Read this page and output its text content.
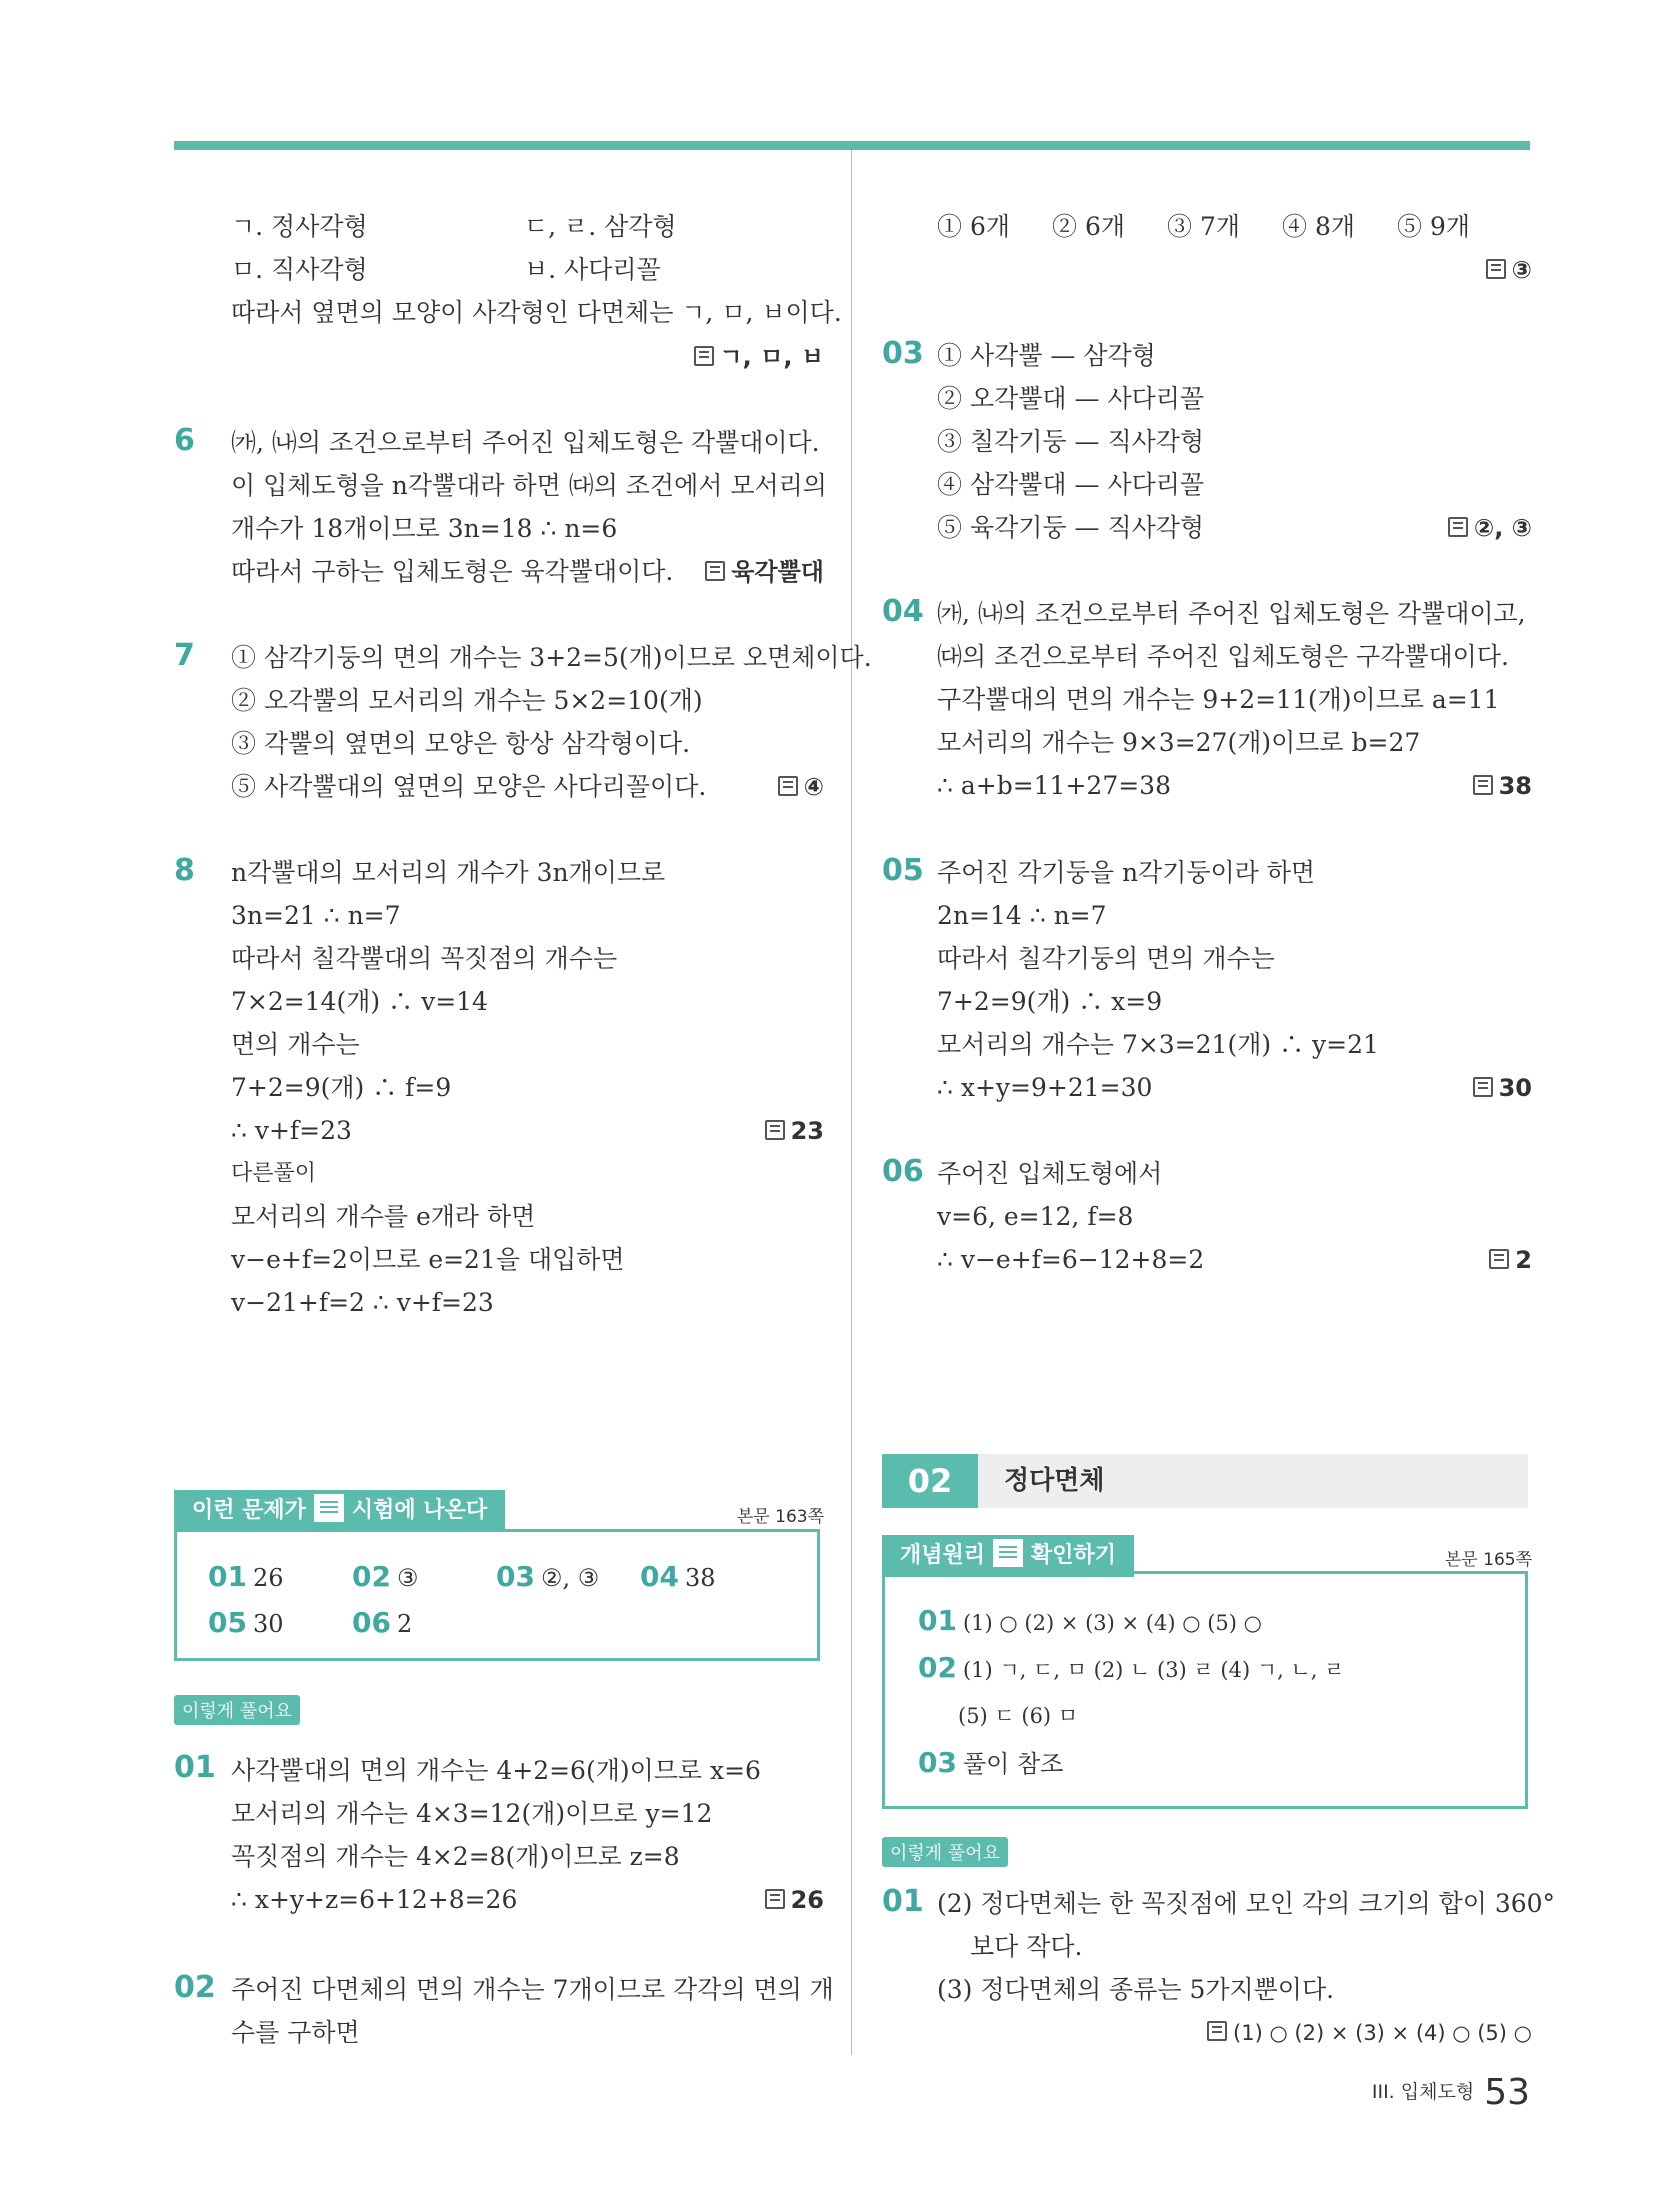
ㄱ. 정사각형	ㄷ, ㄹ. 삼각형
ㅁ. 직사각형	ㅂ. 사다리꼴
따라서 옆면의 모양이 사각형인 다면체는 ㄱ, ㅁ, ㅂ이다.
ㄱ, ㅁ, ㅂ
6 ㈎, ㈏의 조건으로부터 주어진 입체도형은 각뿔대이다.
이 입체도형을 n각뿔대라 하면 ㈐의 조건에서 모서리의
개수가 18개이므로 3n=18 ∴ n=6
따라서 구하는 입체도형은 육각뿔대이다.	육각뿔대
7 ① 삼각기둥의 면의 개수는 3+2=5(개)이므로 오면체이다.
② 오각뿔의 모서리의 개수는 5×2=10(개)
③ 각뿔의 옆면의 모양은 항상 삼각형이다.
⑤ 사각뿔대의 옆면의 모양은 사다리꼴이다.	④
8 n각뿔대의 모서리의 개수가 3n개이므로
3n=21 ∴ n=7
따라서 칠각뿔대의 꼭짓점의 개수는
7×2=14(개) ∴ v=14
면의 개수는
7+2=9(개) ∴ f=9
∴ v+f=23	23
다른풀이
모서리의 개수를 e개라 하면
v−e+f=2이므로 e=21을 대입하면
v−21+f=2 ∴ v+f=23
이런 문제가 시험에 나온다	본문 163쪽
01 26 02 ③	03 ②, ③ 04 38
05 30 06 2
이렇게 풀어요
01 사각뿔대의 면의 개수는 4+2=6(개)이므로 x=6
모서리의 개수는 4×3=12(개)이므로 y=12
꼭짓점의 개수는 4×2=8(개)이므로 z=8
∴ x+y+z=6+12+8=26	26
02 주어진 다면체의 면의 개수는 7개이므로 각각의 면의 개
수를 구하면
① 6개 ② 6개 ③ 7개 ④ 8개 ⑤ 9개
③
03 ① 사각뿔 — 삼각형
② 오각뿔대 — 사다리꼴
③ 칠각기둥 — 직사각형
④ 삼각뿔대 — 사다리꼴
⑤ 육각기둥 — 직사각형	②, ③
04 ㈎, ㈏의 조건으로부터 주어진 입체도형은 각뿔대이고,
㈐의 조건으로부터 주어진 입체도형은 구각뿔대이다.
구각뿔대의 면의 개수는 9+2=11(개)이므로 a=11
모서리의 개수는 9×3=27(개)이므로 b=27
∴ a+b=11+27=38	38
05 주어진 각기둥을 n각기둥이라 하면
2n=14 ∴ n=7
따라서 칠각기둥의 면의 개수는
7+2=9(개) ∴ x=9
모서리의 개수는 7×3=21(개) ∴ y=21
∴ x+y=9+21=30	30
06 주어진 입체도형에서
v=6, e=12, f=8
∴ v−e+f=6−12+8=2	2
02	정다면체
개념원리 확인하기	본문 165쪽
01 (1) ○ (2) × (3) × (4) ○ (5) ○
02 (1) ㄱ, ㄷ, ㅁ (2) ㄴ (3) ㄹ (4) ㄱ, ㄴ, ㄹ
(5) ㄷ (6) ㅁ
03 풀이 참조
이렇게 풀어요
01 (2) 정다면체는 한 꼭짓점에 모인 각의 크기의 합이 360°
보다 작다.
(3) 정다면체의 종류는 5가지뿐이다.
(1) ○ (2) × (3) × (4) ○ (5) ○
III. 입체도형 53
